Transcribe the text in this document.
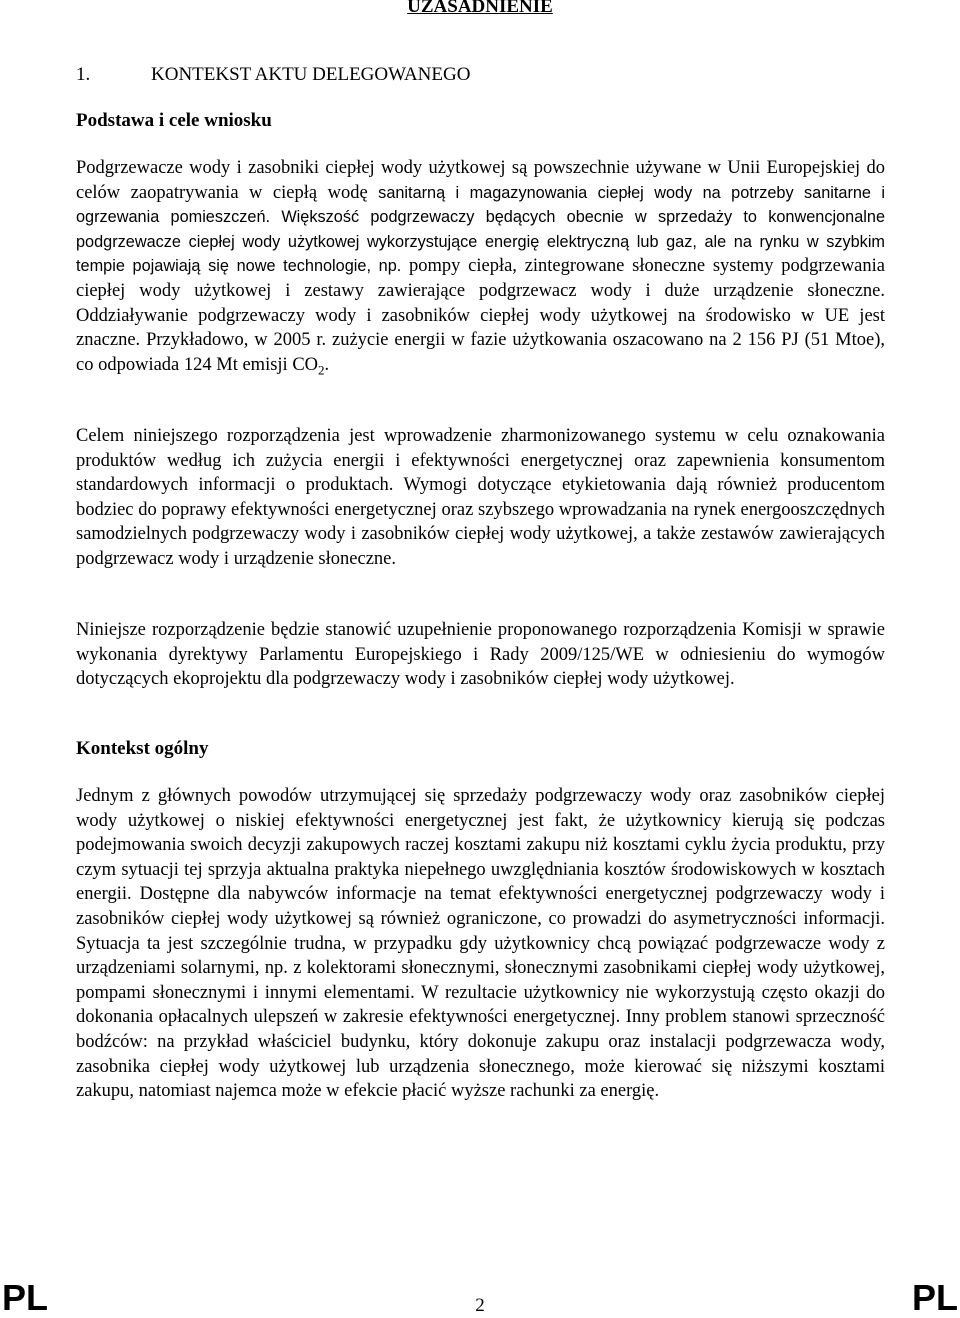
UZASADNIENIE
1.	KONTEKST AKTU DELEGOWANEGO
Podstawa i cele wniosku

Podgrzewacze wody i zasobniki ciepłej wody użytkowej są powszechnie używane w Unii Europejskiej do celów zaopatrywania w ciepłą wodę sanitarną i magazynowania ciepłej wody na potrzeby sanitarne i ogrzewania pomieszczeń. Większość podgrzewaczy będących obecnie w sprzedaży to konwencjonalne podgrzewacze ciepłej wody użytkowej wykorzystujące energię elektryczną lub gaz, ale na rynku w szybkim tempie pojawiają się nowe technologie, np. pompy ciepła, zintegrowane słoneczne systemy podgrzewania ciepłej wody użytkowej i zestawy zawierające podgrzewacz wody i duże urządzenie słoneczne. Oddziaływanie podgrzewaczy wody i zasobników ciepłej wody użytkowej na środowisko w UE jest znaczne. Przykładowo, w 2005 r. zużycie energii w fazie użytkowania oszacowano na 2 156 PJ (51 Mtoe), co odpowiada 124 Mt emisji $CO_2$.

Celem niniejszego rozporządzenia jest wprowadzenie zharmonizowanego systemu w celu oznakowania produktów według ich zużycia energii i efektywności energetycznej oraz zapewnienia konsumentom standardowych informacji o produktach. Wymogi dotyczące etykietowania dają również producentom bodziec do poprawy efektywności energetycznej oraz szybszego wprowadzania na rynek energooszczędnych samodzielnych podgrzewaczy wody i zasobników ciepłej wody użytkowej, a także zestawów zawierających podgrzewacz wody i urządzenie słoneczne.

Niniejsze rozporządzenie będzie stanowić uzupełnienie proponowanego rozporządzenia Komisji w sprawie wykonania dyrektywy Parlamentu Europejskiego i Rady 2009/125/WE w odniesieniu do wymogów dotyczących ekoprojektu dla podgrzewaczy wody i zasobników ciepłej wody użytkowej.

Kontekst ogólny

Jednym z głównych powodów utrzymującej się sprzedaży podgrzewaczy wody oraz zasobników ciepłej wody użytkowej o niskiej efektywności energetycznej jest fakt, że użytkownicy kierują się podczas podejmowania swoich decyzji zakupowych raczej kosztami zakupu niż kosztami cyklu życia produktu, przy czym sytuacji tej sprzyja aktualna praktyka niepełnego uwzględniania kosztów środowiskowych w kosztach energii. Dostępne dla nabywców informacje na temat efektywności energetycznej podgrzewaczy wody i zasobników ciepłej wody użytkowej są również ograniczone, co prowadzi do asymetryczności informacji. Sytuacja ta jest szczególnie trudna, w przypadku gdy użytkownicy chcą powiązać podgrzewacze wody z urządzeniami solarnymi, np. z kolektorami słonecznymi, słonecznymi zasobnikami ciepłej wody użytkowej, pompami słonecznymi i innymi elementami. W rezultacie użytkownicy nie wykorzystują często okazji do dokonania opłacalnych ulepszeń w zakresie efektywności energetycznej. Inny problem stanowi sprzeczność bodźców: na przykład właściciel budynku, który dokonuje zakupu oraz instalacji podgrzewacza wody, zasobnika ciepłej wody użytkowej lub urządzenia słonecznego, może kierować się niższymi kosztami zakupu, natomiast najemca może w efekcie płacić wyższe rachunki za energię.

PL	2	PL
